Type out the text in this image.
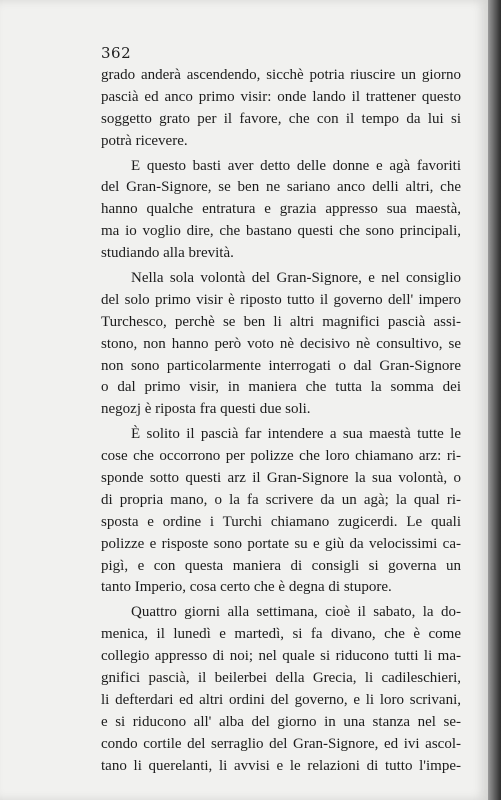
362
grado anderà ascendendo, sicchè potria riuscire un giorno
pascià ed anco primo visir: onde lando il trattener questo
soggetto grato per il favore, che con il tempo da lui si
potrà ricevere.
E questo basti aver detto delle donne e agà favoriti
del Gran-Signore, se ben ne sariano anco delli altri, che
hanno qualche entratura e grazia appresso sua maestà,
ma io voglio dire, che bastano questi che sono principali,
studiando alla brevità.
Nella sola volontà del Gran-Signore, e nel consiglio
del solo primo visir è riposto tutto il governo dell' impero
Turchesco, perchè se ben li altri magnifici pascià assi-
stono, non hanno però voto nè decisivo nè consultivo, se
non sono particolarmente interrogati o dal Gran-Signore
o dal primo visir, in maniera che tutta la somma dei
negozj è riposta fra questi due soli.
È solito il pascià far intendere a sua maestà tutte le
cose che occorrono per polizze che loro chiamano arz: ri-
sponde sotto questi arz il Gran-Signore la sua volontà, o
di propria mano, o la fa scrivere da un agà; la qual ri-
sposta e ordine i Turchi chiamano zugicerdi. Le quali
polizze e risposte sono portate su e giù da velocissimi ca-
pigì, e con questa maniera di consigli si governa un
tanto Imperio, cosa certo che è degna di stupore.
Quattro giorni alla settimana, cioè il sabato, la do-
menica, il lunedì e martedì, si fa divano, che è come
collegio appresso di noi; nel quale si riducono tutti li ma-
gnifici pascià, il beilerbei della Grecia, li cadileschieri,
li defterdari ed altri ordini del governo, e li loro scrivani,
e si riducono all' alba del giorno in una stanza nel se-
condo cortile del serraglio del Gran-Signore, ed ivi ascol-
tano li querelanti, li avvisi e le relazioni di tutto l'impe-
